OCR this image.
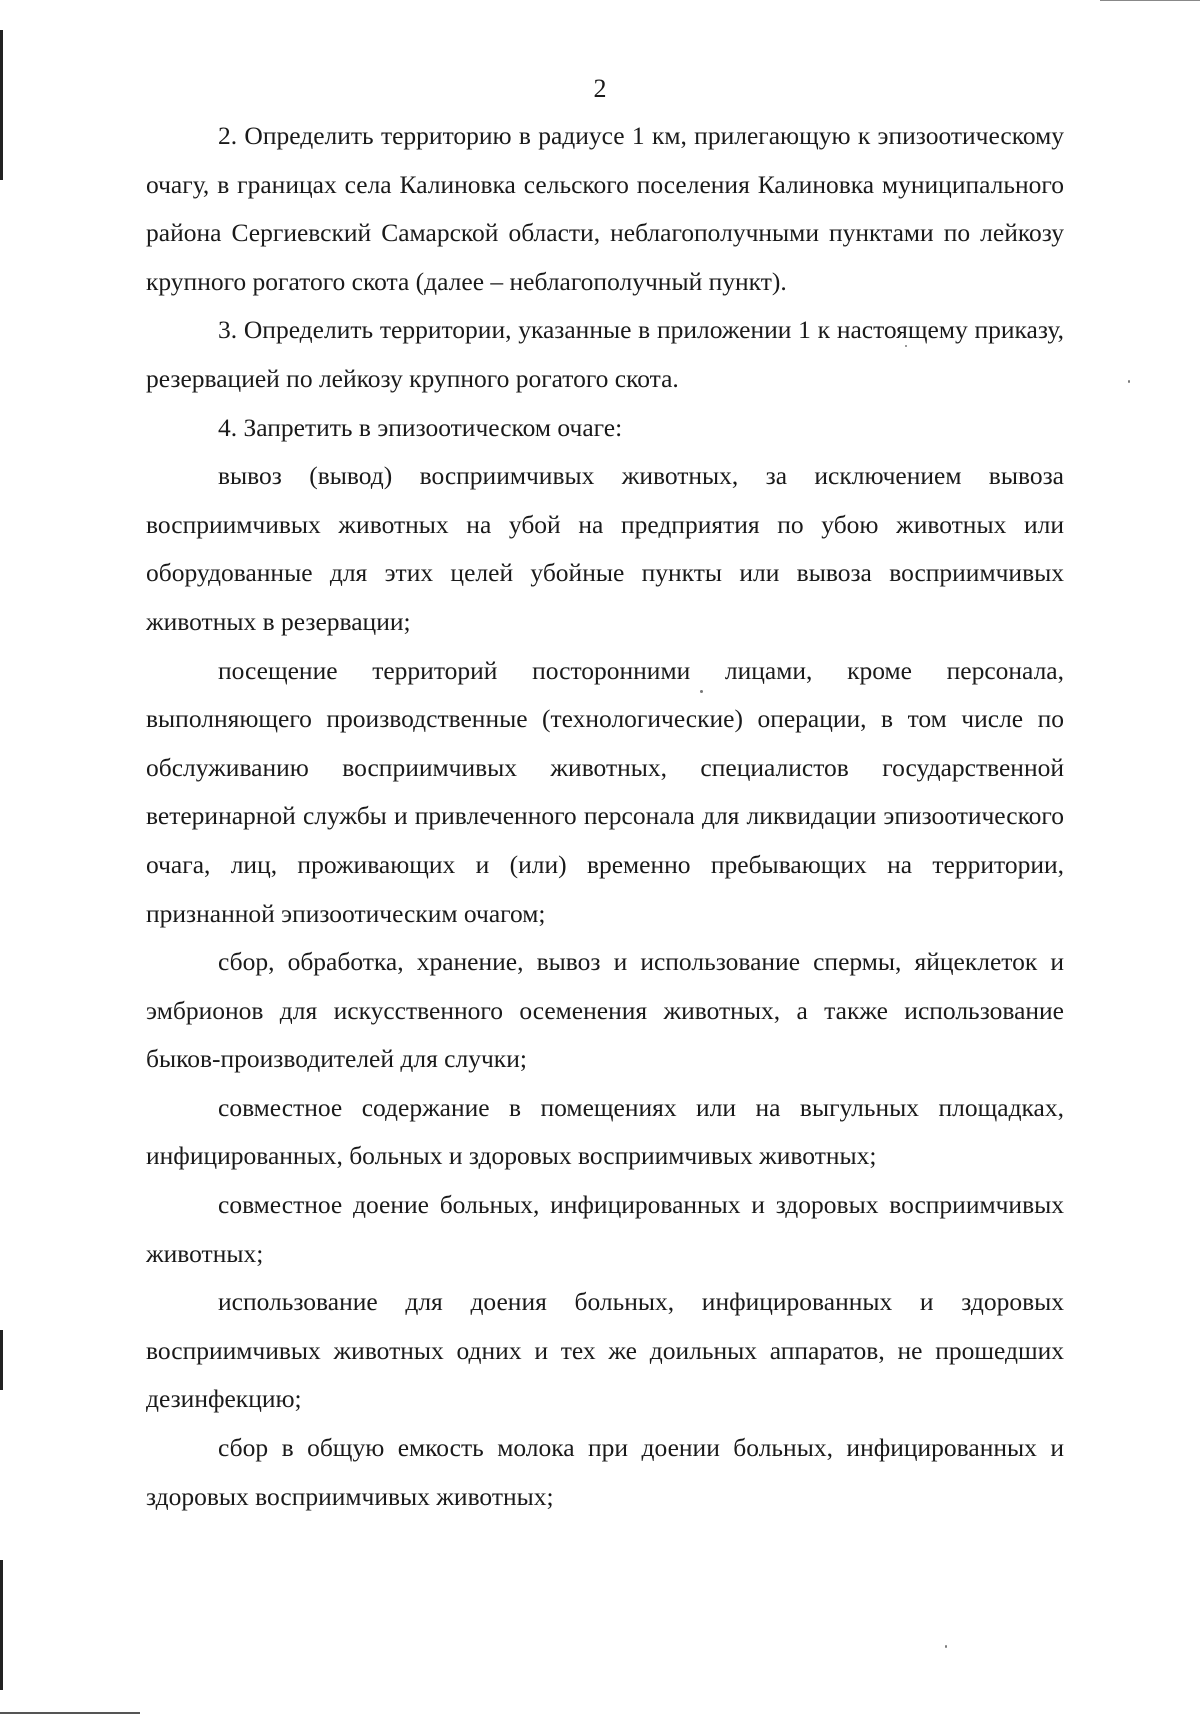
2

2. Определить территорию в радиусе 1 км, прилегающую к эпизоотическому очагу, в границах села Калиновка сельского поселения Калиновка муниципального района Сергиевский Самарской области, неблагополучными пунктами по лейкозу крупного рогатого скота (далее – неблагополучный пункт).

3. Определить территории, указанные в приложении 1 к настоящему приказу, резервацией по лейкозу крупного рогатого скота.

4. Запретить в эпизоотическом очаге:

вывоз (вывод) восприимчивых животных, за исключением вывоза восприимчивых животных на убой на предприятия по убою животных или оборудованные для этих целей убойные пункты или вывоза восприимчивых животных в резервации;

посещение территорий посторонними лицами, кроме персонала, выполняющего производственные (технологические) операции, в том числе по обслуживанию восприимчивых животных, специалистов государственной ветеринарной службы и привлеченного персонала для ликвидации эпизоотического очага, лиц, проживающих и (или) временно пребывающих на территории, признанной эпизоотическим очагом;

сбор, обработка, хранение, вывоз и использование спермы, яйцеклеток и эмбрионов для искусственного осеменения животных, а также использование быков-производителей для случки;

совместное содержание в помещениях или на выгульных площадках, инфицированных, больных и здоровых восприимчивых животных;

совместное доение больных, инфицированных и здоровых восприимчивых животных;

использование для доения больных, инфицированных и здоровых восприимчивых животных одних и тех же доильных аппаратов, не прошедших дезинфекцию;

сбор в общую емкость молока при доении больных, инфицированных и здоровых восприимчивых животных;
